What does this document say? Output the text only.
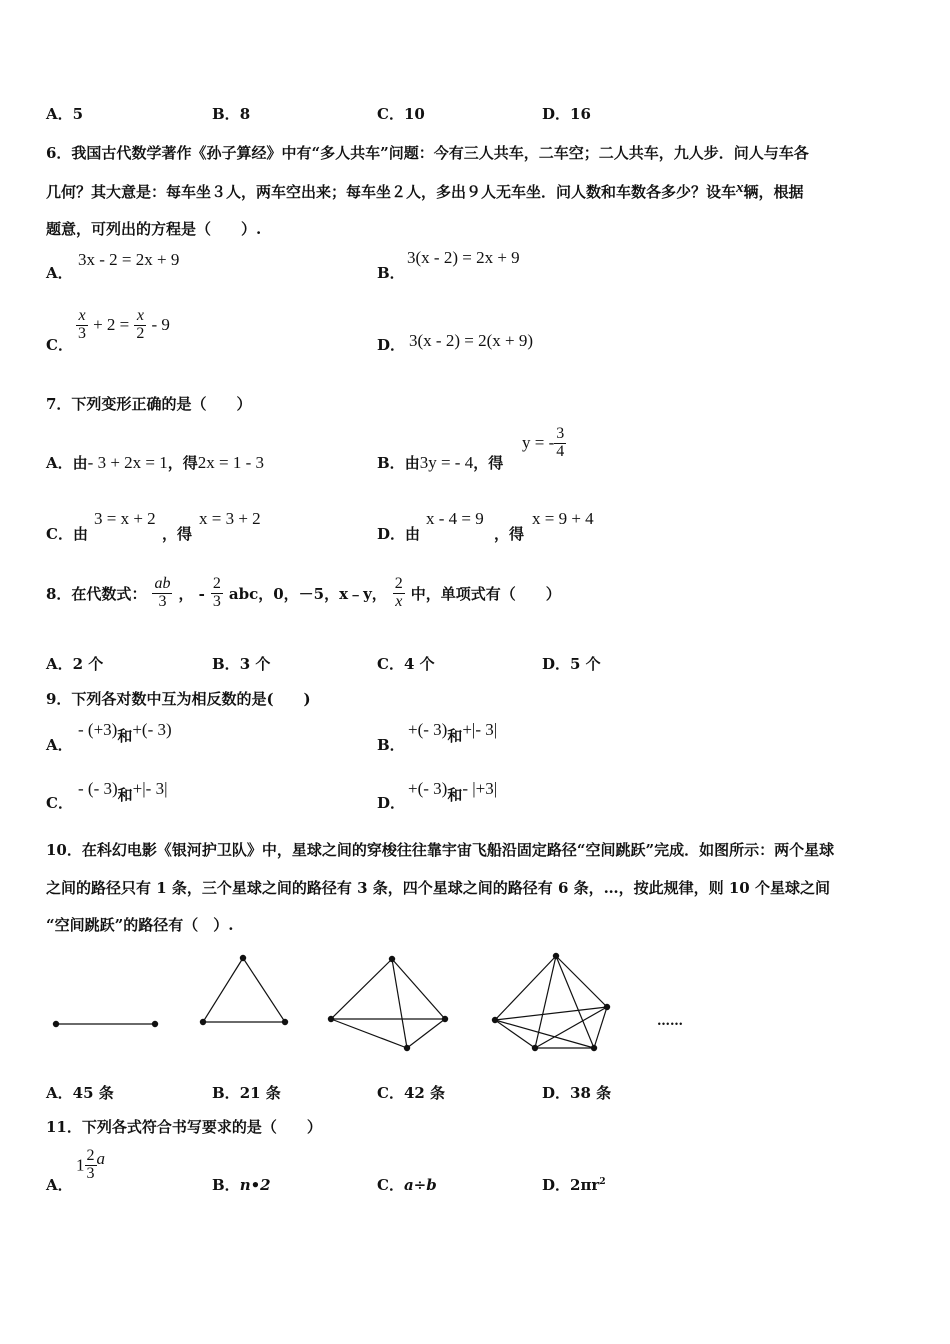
A．5	B．8	C．10	D．16
6．我国古代数学著作《孙子算经》中有“多人共车”问题：今有三人共车，二车空；二人共车，九人步．问人与车各
几何？其大意是：每车坐３人，两车空出来；每车坐２人，多出９人无车坐．问人数和车数各多少？设车x辆，根据
题意，可列出的方程是（　　）.
A．
3x - 2 = 2x + 9
B．
3(x - 2) = 2x + 9
C．
$\frac{x}{3} + 2 = \frac{x}{2} - 9$
D． 3(x - 2) = 2(x + 9)
7．下列变形正确的是（　　）
A．由- 3 + 2x = 1，得2x = 1 - 3	B．由3y = - 4，得
y = - $\frac{3}{4}$
C．由
3 = x + 2
，得
x = 3 + 2
D．由
x - 4 = 9
，得
x = 9 + 4
8．在代数式： $\frac{ab}{3}$ ， - $\frac{2}{3}$ abc，0，－5，x﹣y， $\frac{2}{x}$ 中，单项式有（　　）
A．2 个	B．3 个	C．4 个	D．5 个
9．下列各对数中互为相反数的是(　　)
A．
- (+3)和+(- 3)
B．
+(- 3)和+|- 3|
C．
- (- 3)和+|- 3|
D．
+(- 3)和- |+3|
10．在科幻电影《银河护卫队》中，星球之间的穿梭往往靠宇宙飞船沿固定路径“空间跳跃”完成．如图所示：两个星球
之间的路径只有 1 条，三个星球之间的路径有 3 条，四个星球之间的路径有 6 条，…，按此规律，则 10 个星球之间
“空间跳跃”的路径有（　）.
……
A．45 条	B．21 条	C．42 条	D．38 条
11．下列各式符合书写要求的是（　　）
A．
$1 \frac{2}{3}$ a
B．n•2	C．a÷b	D．$2\pi r^2$
